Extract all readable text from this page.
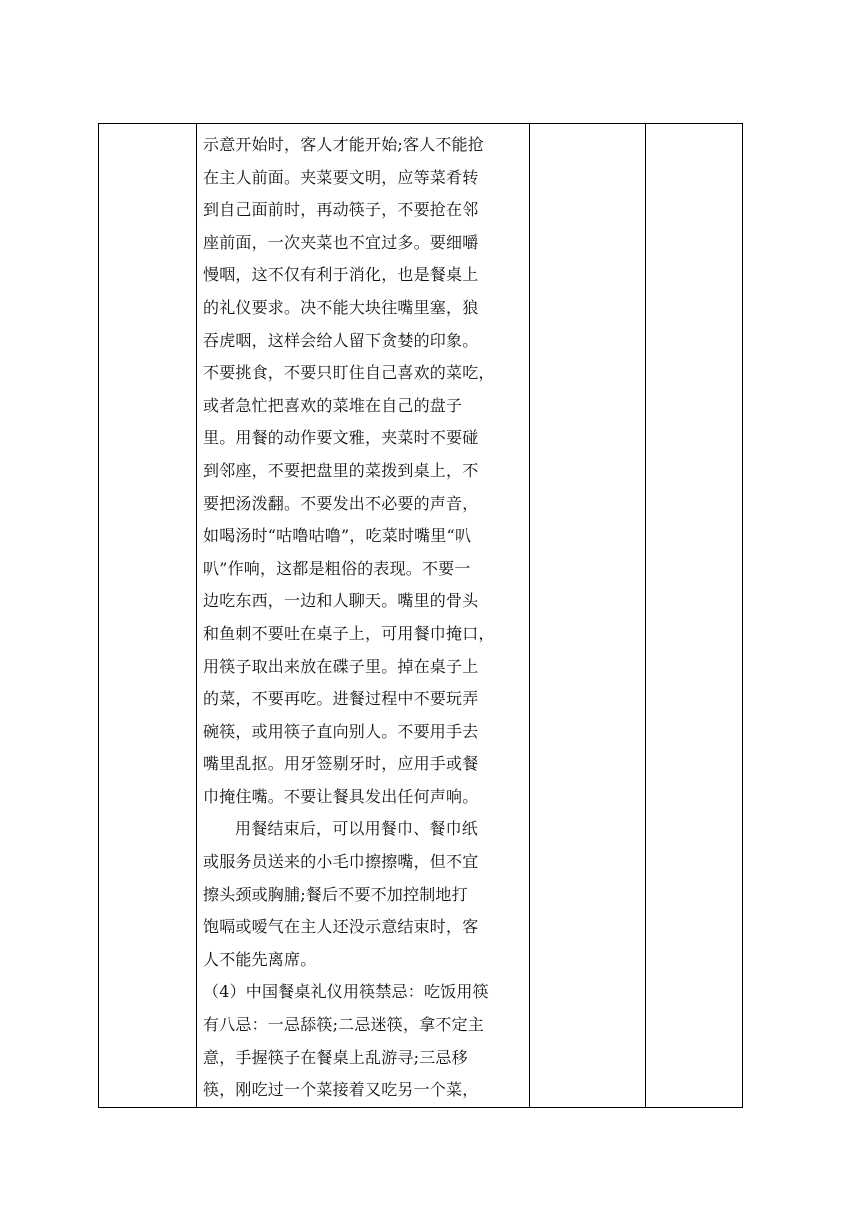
示意开始时，客人才能开始;客人不能抢
在主人前面。夹菜要文明，应等菜肴转
到自己面前时，再动筷子，不要抢在邻
座前面，一次夹菜也不宜过多。要细嚼
慢咽，这不仅有利于消化，也是餐桌上
的礼仪要求。决不能大块往嘴里塞，狼
吞虎咽，这样会给人留下贪婪的印象。
不要挑食，不要只盯住自己喜欢的菜吃，
或者急忙把喜欢的菜堆在自己的盘子
里。用餐的动作要文雅，夹菜时不要碰
到邻座，不要把盘里的菜拨到桌上，不
要把汤泼翻。不要发出不必要的声音，
如喝汤时“咕噜咕噜”，吃菜时嘴里“叭
叭”作响，这都是粗俗的表现。不要一
边吃东西，一边和人聊天。嘴里的骨头
和鱼刺不要吐在桌子上，可用餐巾掩口，
用筷子取出来放在碟子里。掉在桌子上
的菜，不要再吃。进餐过程中不要玩弄
碗筷，或用筷子直向别人。不要用手去
嘴里乱抠。用牙签剔牙时，应用手或餐
巾掩住嘴。不要让餐具发出任何声响。
用餐结束后，可以用餐巾、餐巾纸
或服务员送来的小毛巾擦擦嘴，但不宜
擦头颈或胸脯;餐后不要不加控制地打
饱嗝或嗳气在主人还没示意结束时，客
人不能先离席。
（4）中国餐桌礼仪用筷禁忌：吃饭用筷
有八忌：一忌舔筷;二忌迷筷，拿不定主
意，手握筷子在餐桌上乱游寻;三忌移
筷，刚吃过一个菜接着又吃另一个菜，
